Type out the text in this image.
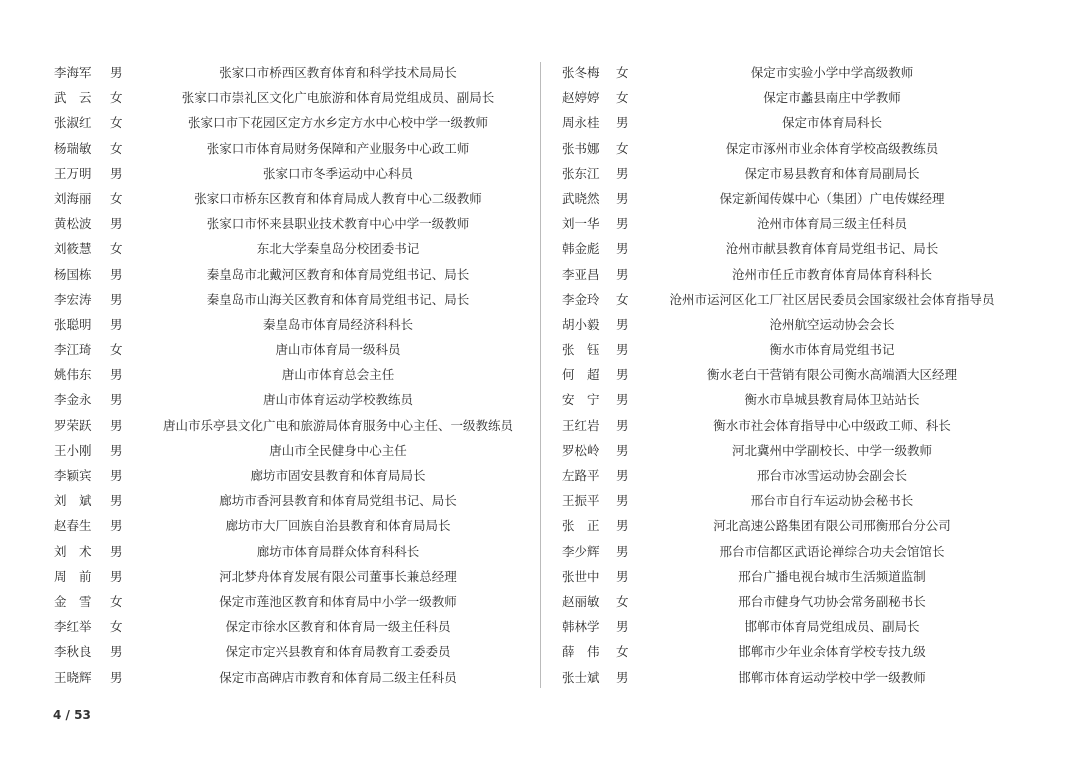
李海军	男	张家口市桥西区教育体育和科学技术局局长
武　云	女	张家口市崇礼区文化广电旅游和体育局党组成员、副局长
张淑红	女	张家口市下花园区定方水乡定方水中心校中学一级教师
杨瑞敏	女	张家口市体育局财务保障和产业服务中心政工师
王万明	男	张家口市冬季运动中心科员
刘海丽	女	张家口市桥东区教育和体育局成人教育中心二级教师
黄松波	男	张家口市怀来县职业技术教育中心中学一级教师
刘筱慧	女	东北大学秦皇岛分校团委书记
杨国栋	男	秦皇岛市北戴河区教育和体育局党组书记、局长
李宏涛	男	秦皇岛市山海关区教育和体育局党组书记、局长
张聪明	男	秦皇岛市体育局经济科科长
李江琦	女	唐山市体育局一级科员
姚伟东	男	唐山市体育总会主任
李金永	男	唐山市体育运动学校教练员
罗荣跃	男	唐山市乐亭县文化广电和旅游局体育服务中心主任、一级教练员
王小刚	男	唐山市全民健身中心主任
李颖宾	男	廊坊市固安县教育和体育局局长
刘　斌	男	廊坊市香河县教育和体育局党组书记、局长
赵春生	男	廊坊市大厂回族自治县教育和体育局局长
刘　术	男	廊坊市体育局群众体育科科长
周　前	男	河北梦舟体育发展有限公司董事长兼总经理
金　雪	女	保定市莲池区教育和体育局中小学一级教师
李红举	女	保定市徐水区教育和体育局一级主任科员
李秋良	男	保定市定兴县教育和体育局教育工委委员
王晓辉	男	保定市高碑店市教育和体育局二级主任科员
张冬梅	女	保定市实验小学中学高级教师
赵婷婷	女	保定市蠡县南庄中学教师
周永桂	男	保定市体育局科长
张书娜	女	保定市涿州市业余体育学校高级教练员
张东江	男	保定市易县教育和体育局副局长
武晓然	男	保定新闻传媒中心（集团）广电传媒经理
刘一华	男	沧州市体育局三级主任科员
韩金彪	男	沧州市献县教育体育局党组书记、局长
李亚昌	男	沧州市任丘市教育体育局体育科科长
李金玲	女	沧州市运河区化工厂社区居民委员会国家级社会体育指导员
胡小毅	男	沧州航空运动协会会长
张　钰	男	衡水市体育局党组书记
何　超	男	衡水老白干营销有限公司衡水高端酒大区经理
安　宁	男	衡水市阜城县教育局体卫站站长
王红岩	男	衡水市社会体育指导中心中级政工师、科长
罗松岭	男	河北冀州中学副校长、中学一级教师
左路平	男	邢台市冰雪运动协会副会长
王振平	男	邢台市自行车运动协会秘书长
张　正	男	河北高速公路集团有限公司邢衡邢台分公司
李少辉	男	邢台市信都区武语论禅综合功夫会馆馆长
张世中	男	邢台广播电视台城市生活频道监制
赵丽敏	女	邢台市健身气功协会常务副秘书长
韩林学	男	邯郸市体育局党组成员、副局长
薛　伟	女	邯郸市少年业余体育学校专技九级
张士斌	男	邯郸市体育运动学校中学一级教师
4 / 53
